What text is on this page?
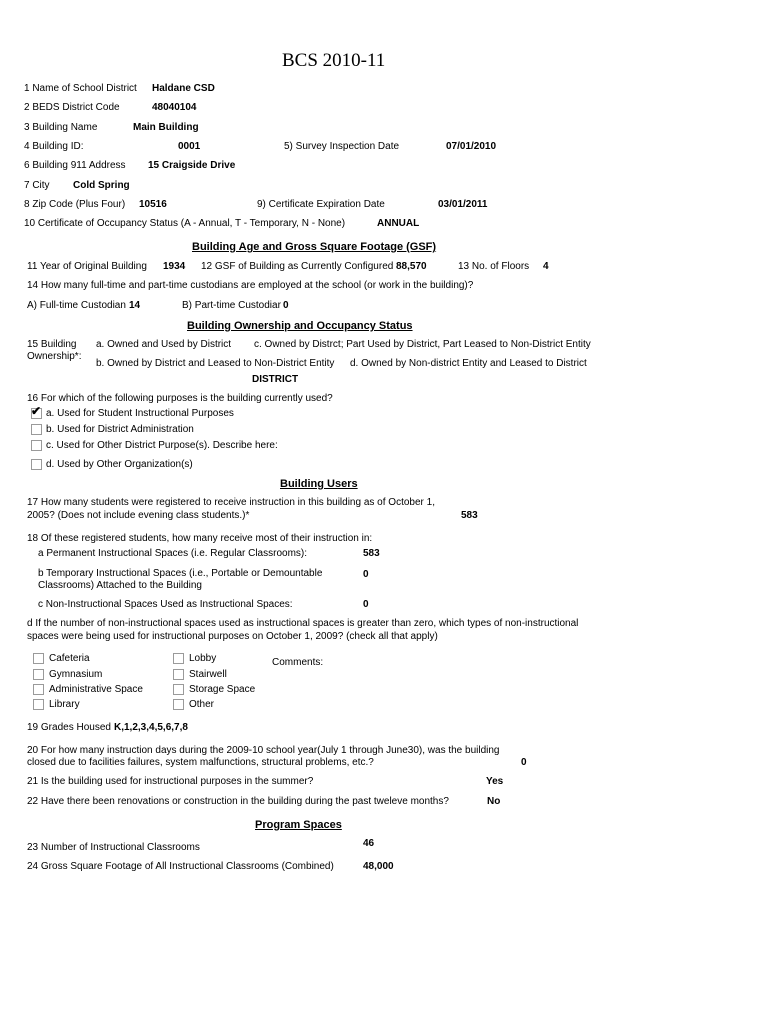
BCS 2010-11
1 Name of School District Haldane CSD
2 BEDS District Code	48040104
3 Building Name	Main Building
4 Building ID:	0001	5) Survey Inspection Date	07/01/2010
6 Building 911 Address 15 Craigside Drive
7 City Cold Spring
8 Zip Code (Plus Four) 10516	9) Certificate Expiration Date	03/01/2011
10 Certificate of Occupancy Status (A - Annual, T - Temporary, N - None)	ANNUAL
Building Age and Gross Square Footage (GSF)
11 Year of Original Building 1934 12 GSF of Building as Currently Configured 88,570	13 No. of Floors 4
14 How many full-time and part-time custodians are employed at the school (or work in the building)?
A) Full-time Custodian 14	B) Part-time Custodiar 0
Building Ownership and Occupancy Status
15 Building Ownership*:
a. Owned and Used by District c. Owned by Distrct; Part Used by District, Part Leased to Non-District Entity
b. Owned by District and Leased to Non-District Entity d. Owned by Non-district Entity and Leased to District
DISTRICT
16 For which of the following purposes is the building currently used?
✔ a. Used for Student Instructional Purposes
b. Used for District Administration
c. Used for Other District Purpose(s). Describe here:
d. Used by Other Organization(s)
Building Users
17 How many students were registered to receive instruction in this building as of October 1,
2005? (Does not include evening class students.)*	583
18 Of these registered students, how many receive most of their instruction in:
a Permanent Instructional Spaces (i.e. Regular Classrooms):	583
b Temporary Instructional Spaces (i.e., Portable or Demountable
Classrooms) Attached to the Building
0
c Non-Instructional Spaces Used as Instructional Spaces:	0
d If the number of non-instructional spaces used as instructional spaces is greater than zero, which types of non-instructional
spaces were being used for instructional purposes on October 1, 2009? (check all that apply)
Cafeteria
Gymnasium
Administrative Space
Library
Lobby
Stairwell
Storage Space
Other
Comments:
19 Grades Housed K,1,2,3,4,5,6,7,8
20 For how many instruction days during the 2009-10 school year(July 1 through June30), was the building
closed due to facilities failures, system malfunctions, structural problems, etc.?	0
21 Is the building used for instructional purposes in the summer?	Yes
22 Have there been renovations or construction in the building during the past tweleve months?	No
Program Spaces
23 Number of Instructional Classrooms	46
24 Gross Square Footage of All Instructional Classrooms (Combined)	48,000
